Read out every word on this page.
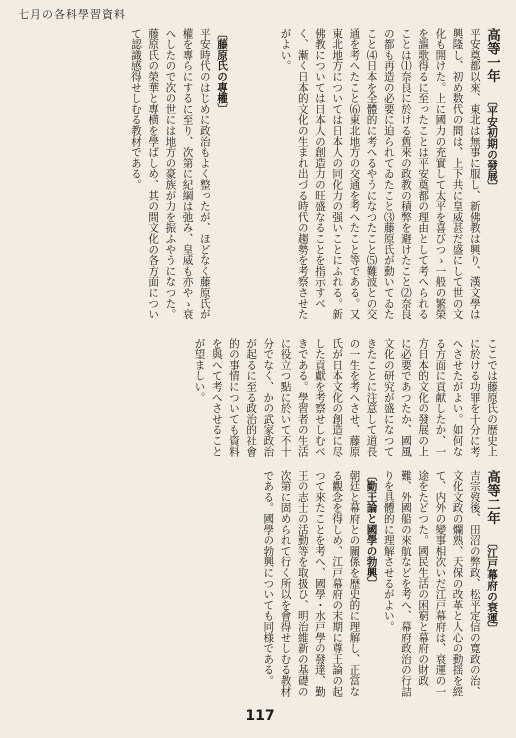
七月の各科學習資料
高等一年 〔平安初期の發展〕
平安奠都以來、東北は無事に服し、新佛教は興り、漢文學は興隆し、初め数代の間は、上下共に皇威甚だ盛にして世の文化も開けた。上に國力の充實して太平を喜びつゝ一般の繁榮を謳歌得るに至ったことは平安奠都の理由として考へられることは⑴奈良に於ける舊來の政教の積弊を避けたこと⑵奈良の都も再造の必要に迫られてゐたこと⑶藤原氏が動いてゐたこと⑷日本を全體的に考へるやうになつたこと⑸難波との交通を考へたこと⑹東北地方の交通を考へたこと等である。又東北地方については日本人の同化力の强いことにふれる。新佛教については日本人の創造力の旺盛なることを指示すべく、漸く日本的文化の生まれ出づる時代の趨勢を考察させたがよい。
〔藤原氏の專權〕
平安時代のはじめに政治もよく整ったが、ほどなく藤原氏が權を專らにするに至り、次第に紀綱は弛み、皇威も亦やゝ衰へしたので次の世には地方の豪族が力を振ふやうになつた。藤原氏の榮華と專横を學ばしめ、其の間文化の各方面について認識感得せしむる教材である。
ここでは藤原氏の歴史上に於ける功罪を十分に考へさせたがよい。如何なる方面に貢献したか、一方日本的文化の發展の上に必要であつたか、國風文化の研究が盛になつてきたことに注意して道長の一生を考へさせ、藤原氏が日本文化の創造に尽した貢獻を考察せしむべきである。學習者の生活に役立つ點に於いて不十分でなく、かの武家政治が起るに至る政治的社會的の事情についても資料を與へて考へさせることが望ましい。
高等二年 〔江戸幕府の衰運〕
吉宗歿後、田沼の弊政、松平定信の寛政の治、文化文政の爛熟、天保の改革と人心の動揺を經て、内外の變事相次いだ江戸幕府は、衰運の一途をたどつた。國民生活の困窮と幕府の財政難、外國船の來航などを考へ、幕府政治の行詰りを具體的に理解させるがよい。
〔勤王論と國學の勃興〕
朝廷と幕府との關係を歴史的に理解し、正當なる觀念を得しめ、江戸幕府の末期に尊王論の起つて來たことを考へ、國學・水戸學の發達、勤王の志士の活動等を取扱ひ、明治維新の基礎の次第に固められて行く所以を會得せしむる教材である。國學の勃興についても同様である。
117
